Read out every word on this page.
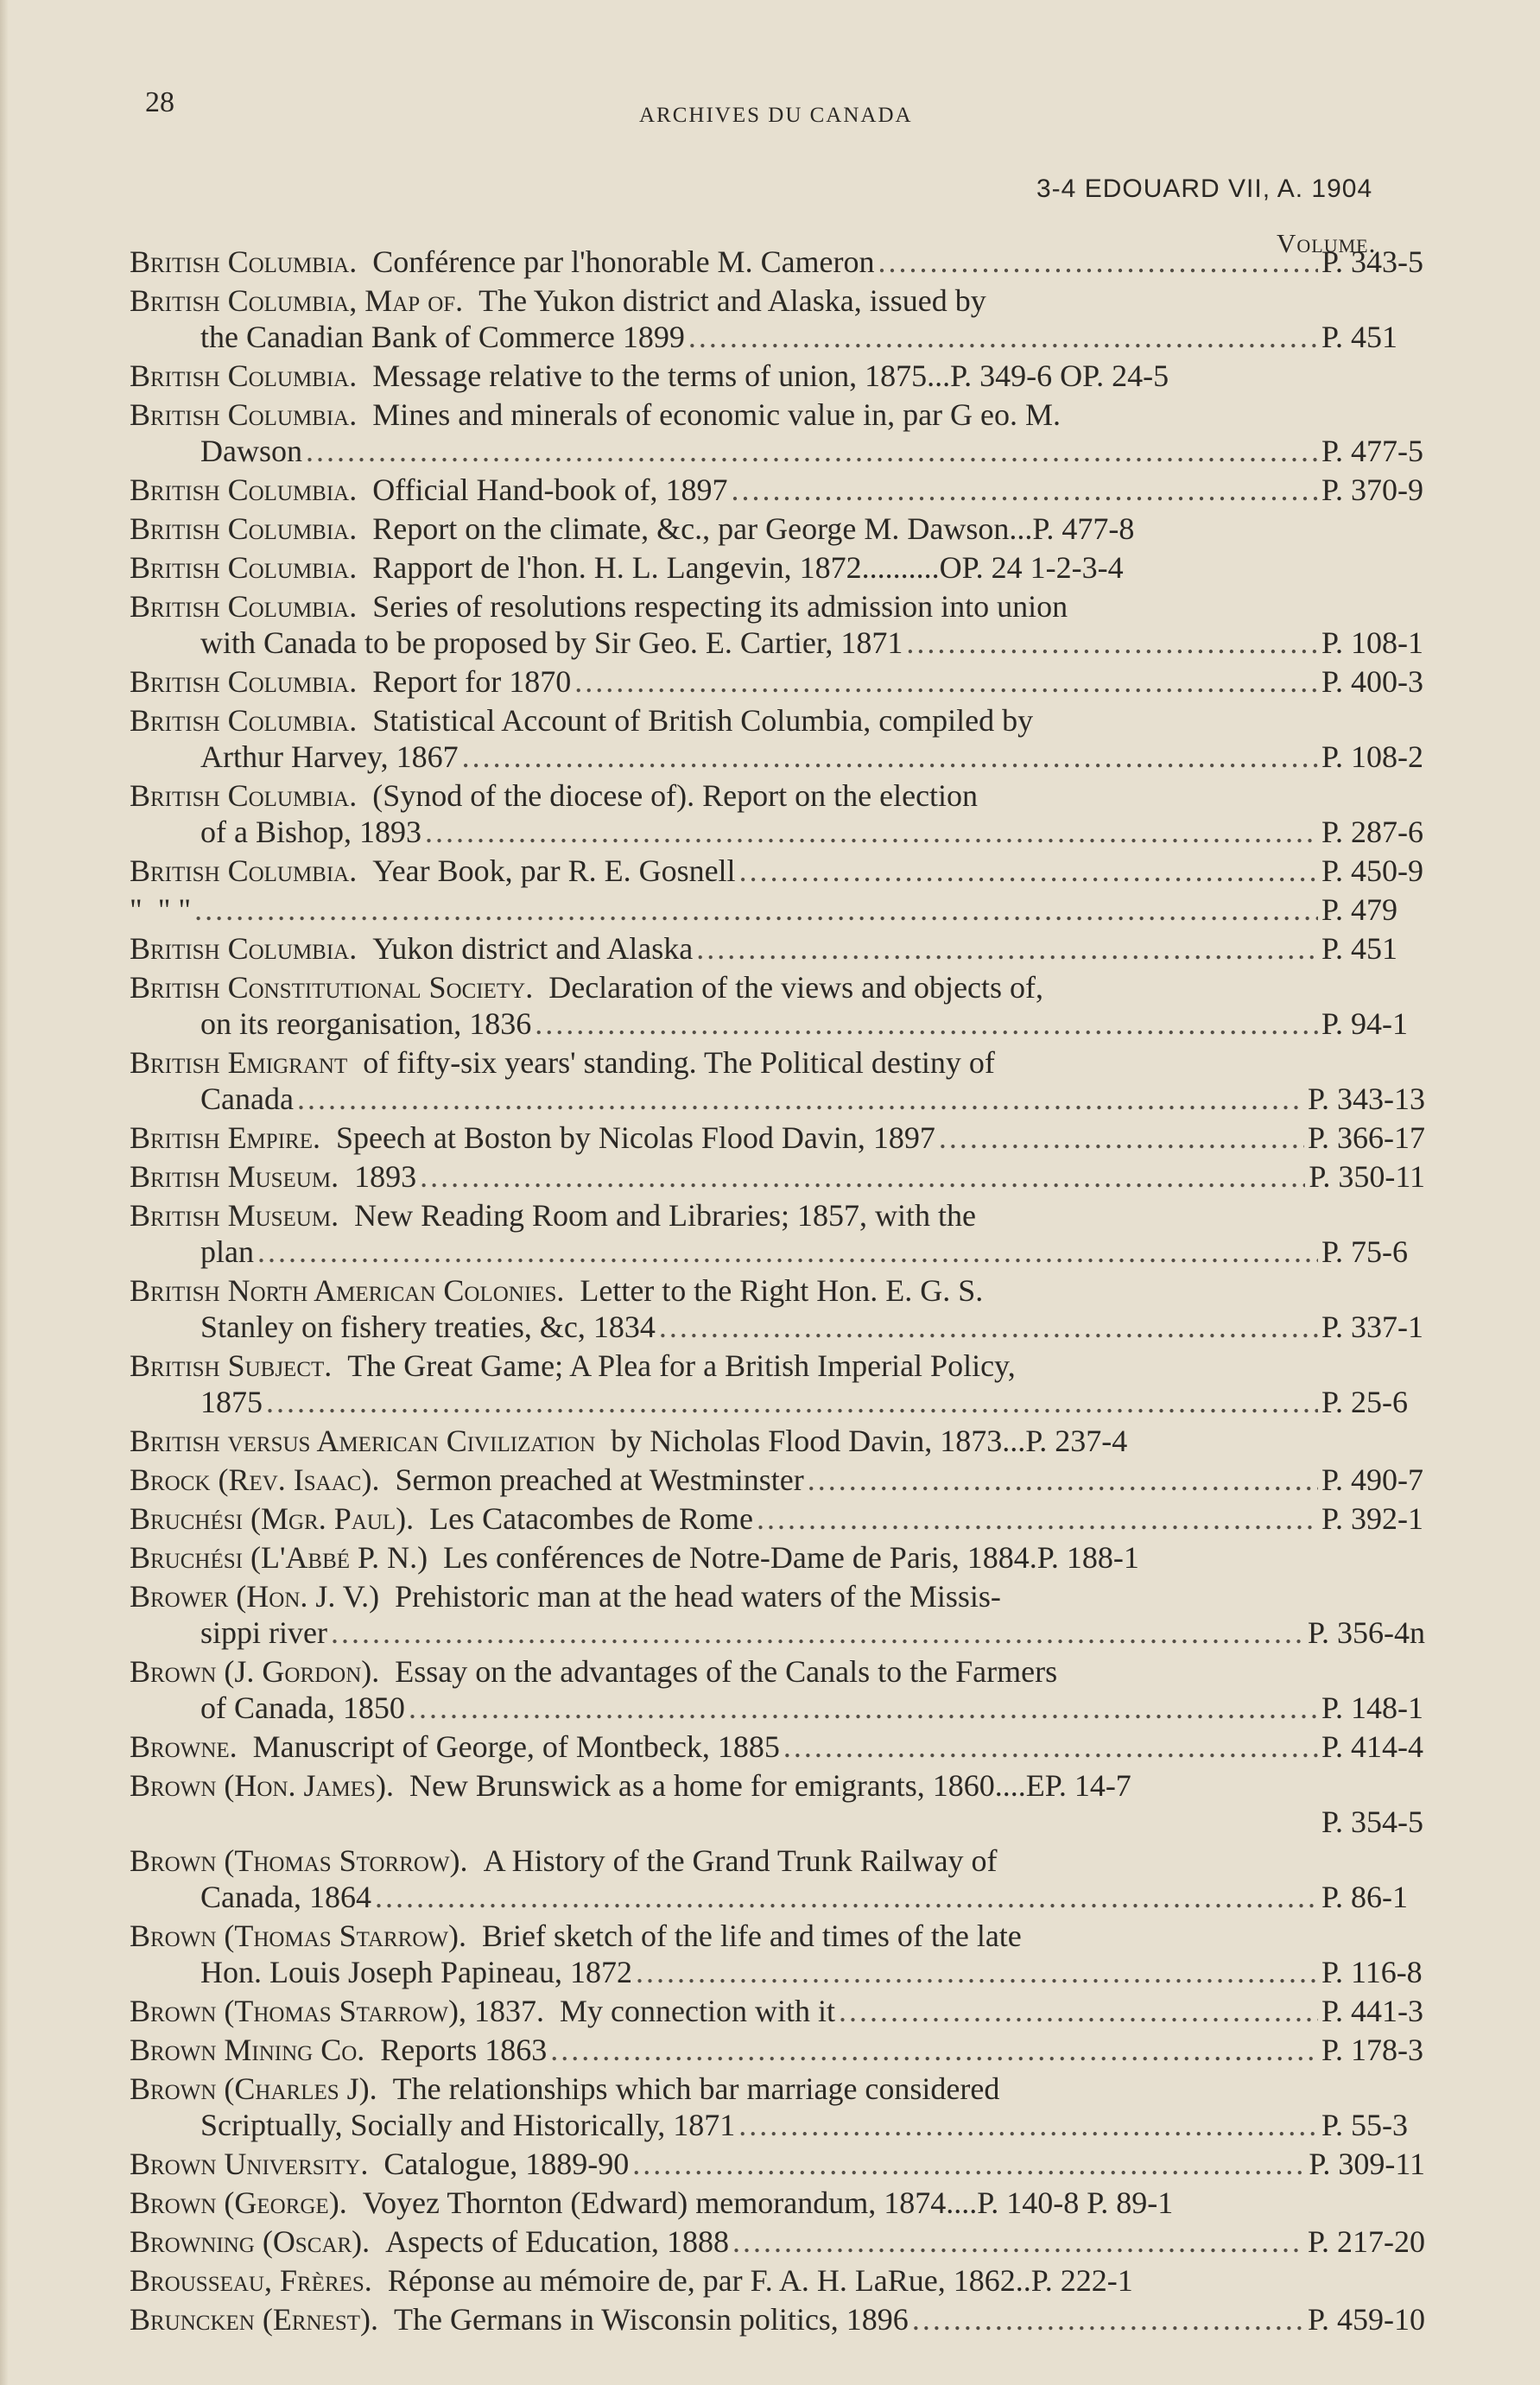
28	ARCHIVES DU CANADA
3-4 EDOUARD VII, A. 1904
Volume.
British Columbia.
Conférence par l'honorable M. Cameron .....	P. 343-5
British Columbia, Map of.
The Yukon district and Alaska, issued by
the Canadian Bank of Commerce 1899 .....	P. 451
British Columbia.
Message relative to the terms of union, 1875...P. 349-6 OP. 24-5
British Columbia.
Mines and minerals of economic value in, par G eo. M.
Dawson .....	P. 477-5
British Columbia.
Official Hand-book of, 1897 .....	P. 370-9
British Columbia.
Report on the climate, &c., par George M. Dawson...P. 477-8
British Columbia.
Rapport de l'hon. H. L. Langevin, 1872..........OP. 24 1-2-3-4
British Columbia.
Series of resolutions respecting its admission into union
with Canada to be proposed by Sir Geo. E. Cartier, 1871 .....	P. 108-1
British Columbia.
Report for 1870 .....	P. 400-3
British Columbia.
Statistical Account of British Columbia, compiled by
Arthur Harvey, 1867 .....	P. 108-2
British Columbia.
(Synod of the diocese of). Report on the election
of a Bishop, 1893 .....	P. 287-6
British Columbia.
Year Book, par R. E. Gosnell .....	P. 450-9
"
" " .....	P. 479
British Columbia.
Yukon district and Alaska .....	P. 451
British Constitutional Society.
Declaration of the views and objects of,
on its reorganisation, 1836 .....	P. 94-1
British Emigrant
of fifty-six years' standing. The Political destiny of
Canada .....	P. 343-13
British Empire.
Speech at Boston by Nicolas Flood Davin, 1897 .....	P. 366-17
British Museum.
1893 .....	P. 350-11
British Museum.
New Reading Room and Libraries; 1857, with the
plan .....	P. 75-6
British North American Colonies.
Letter to the Right Hon. E. G. S.
Stanley on fishery treaties, &c, 1834 .....	P. 337-1
British Subject.
The Great Game; A Plea for a British Imperial Policy,
1875 .....	P. 25-6
British versus American Civilization
by Nicholas Flood Davin, 1873...P. 237-4
Brock (Rev. Isaac).
Sermon preached at Westminster .....	P. 490-7
Bruchési (Mgr. Paul).
Les Catacombes de Rome .....	P. 392-1
Bruchési (L'Abbé P. N.)
Les conférences de Notre-Dame de Paris, 1884.P. 188-1
Brower (Hon. J. V.)
Prehistoric man at the head waters of the Missis-
sippi river .....	P. 356-4n
Brown (J. Gordon).
Essay on the advantages of the Canals to the Farmers
of Canada, 1850 .....	P. 148-1
Browne.
Manuscript of George, of Montbeck, 1885 .....	P. 414-4
Brown (Hon. James).
New Brunswick as a home for emigrants, 1860....EP. 14-7
P. 354-5
Brown (Thomas Storrow).
A History of the Grand Trunk Railway of
Canada, 1864 .....	P. 86-1
Brown (Thomas Starrow).
Brief sketch of the life and times of the late
Hon. Louis Joseph Papineau, 1872 .....	P. 116-8
Brown (Thomas Starrow), 1837.
My connection with it .....	P. 441-3
Brown Mining Co.
Reports 1863 .....	P. 178-3
Brown (Charles J).
The relationships which bar marriage considered
Scriptually, Socially and Historically, 1871 .....	P. 55-3
Brown University.
Catalogue, 1889-90 .....	P. 309-11
Brown (George).
Voyez Thornton (Edward) memorandum, 1874....P. 140-8 P. 89-1
Browning (Oscar).
Aspects of Education, 1888 .....	P. 217-20
Brousseau, Frères.
Réponse au mémoire de, par F. A. H. LaRue, 1862..P. 222-1
Bruncken (Ernest).
The Germans in Wisconsin politics, 1896 .....	P. 459-10
